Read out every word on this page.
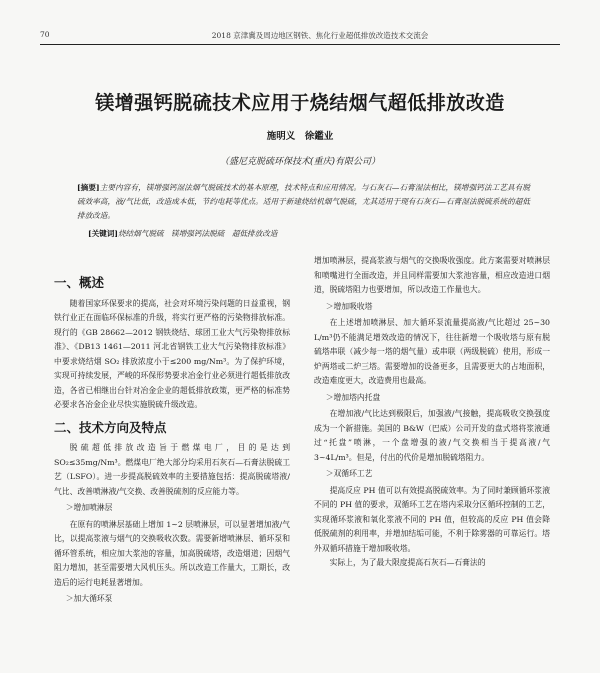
70	2018 京津冀及周边地区钢铁、焦化行业超低排放改造技术交流会
镁增强钙脱硫技术应用于烧结烟气超低排放改造
施明义　徐鑑业
（盛尼克脱硫环保技术(重庆)有限公司）
[摘要]主要内容有，镁增强钙湿法烟气脱硫技术的基本原理，技术特点和应用情况。与石灰石—石膏湿法相比，镁增强钙法工艺具有脱硫效率高，液/气比低，改造成本低，节约电耗等优点。适用于新建烧结机烟气脱硫，尤其适用于现有石灰石—石膏湿法脱硫系统的超低排放改造。
[关键词]烧结烟气脱硫　镁增强钙法脱硫　超低排放改造
一、概述

随着国家环保要求的提高，社会对环境污染问题的日益重视，钢铁行业正在面临环保标准的升级，将实行更严格的污染物排放标准。现行的《GB 28662—2012 钢铁烧结、球团工业大气污染物排放标准》、《DB13 1461—2011 河北省钢铁工业大气污染物排放标准》中要求烧结烟 SO₂ 排放浓度小于≤200 mg/Nm³。为了保护环境，实现可持续发展，严峻的环保形势要求冶金行业必须进行超低排放改造，各省已相继出台针对冶金企业的超低排放政策，更严格的标准势必要求各冶金企业尽快实施脱硫升级改造。

二、技术方向及特点

脱硫超低排放改造旨于燃煤电厂，目的是达到 SO₂≤35mg/Nm³。燃煤电厂绝大部分均采用石灰石—石膏法脱硫工艺（LSFO）。进一步提高脱硫效率的主要措施包括：提高脱硫塔液/气比、改善喷淋液/气交换、改善脱硫剂的反应能力等。

＞增加喷淋层

在原有的喷淋层基础上增加 1~2 层喷淋层，可以显著增加液/气比，以提高浆液与烟气的交换吸收次数。需要新增喷淋层、循环泵和循环管系统，相应加大浆池的容量，加高脱硫塔，改造烟道；因烟气阻力增加，甚至需要增大风机压头。所以改造工作量大，工期长，改造后的运行电耗显著增加。

＞加大循环泵

增加喷淋层，提高浆液与烟气的交换吸收强度。此方案需要对喷淋层和喷嘴进行全面改造，并且同样需要加大浆池容量，相应改造进口烟道，脱硫塔阻力也要增加，所以改造工作量也大。

＞增加吸收塔

在上述增加喷淋层、加大循环泵流量提高液/气比超过 25~30 L/m³仍不能满足增效改造的情况下，往往新增一个吸收塔与原有脱硫塔串联（减少每一塔的烟气量）或串联（两级脱硫）使用，形成一炉两塔或二炉三塔。需要增加的设备更多，且需要更大的占地面积，改造难度更大，改造费用也最高。

＞增加塔内托盘

在增加液/气比达到极限后，加强液/气接触，提高吸收交换强度成为一个新措施。美国的 B&W（巴威）公司开发的盘式塔将浆液通过“托盘”喷淋，一个盘增强的液/气交换相当于提高液/气 3~4L/m³。但是，付出的代价是增加脱硫塔阻力。

＞双循环工艺

提高反应 PH 值可以有效提高脱硫效率。为了同时兼顾循环浆液不同的 PH 值的要求，双循环工艺在塔内采取分区循环控制的工艺，实现循环浆液和氧化浆液不同的 PH 值，但较高的反应 PH 值会降低脱硫剂的利用率，并增加结垢可能，不利于除雾器的可靠运行。塔外双循环措施于增加吸收塔。

实际上，为了最大限度提高石灰石—石膏法的
